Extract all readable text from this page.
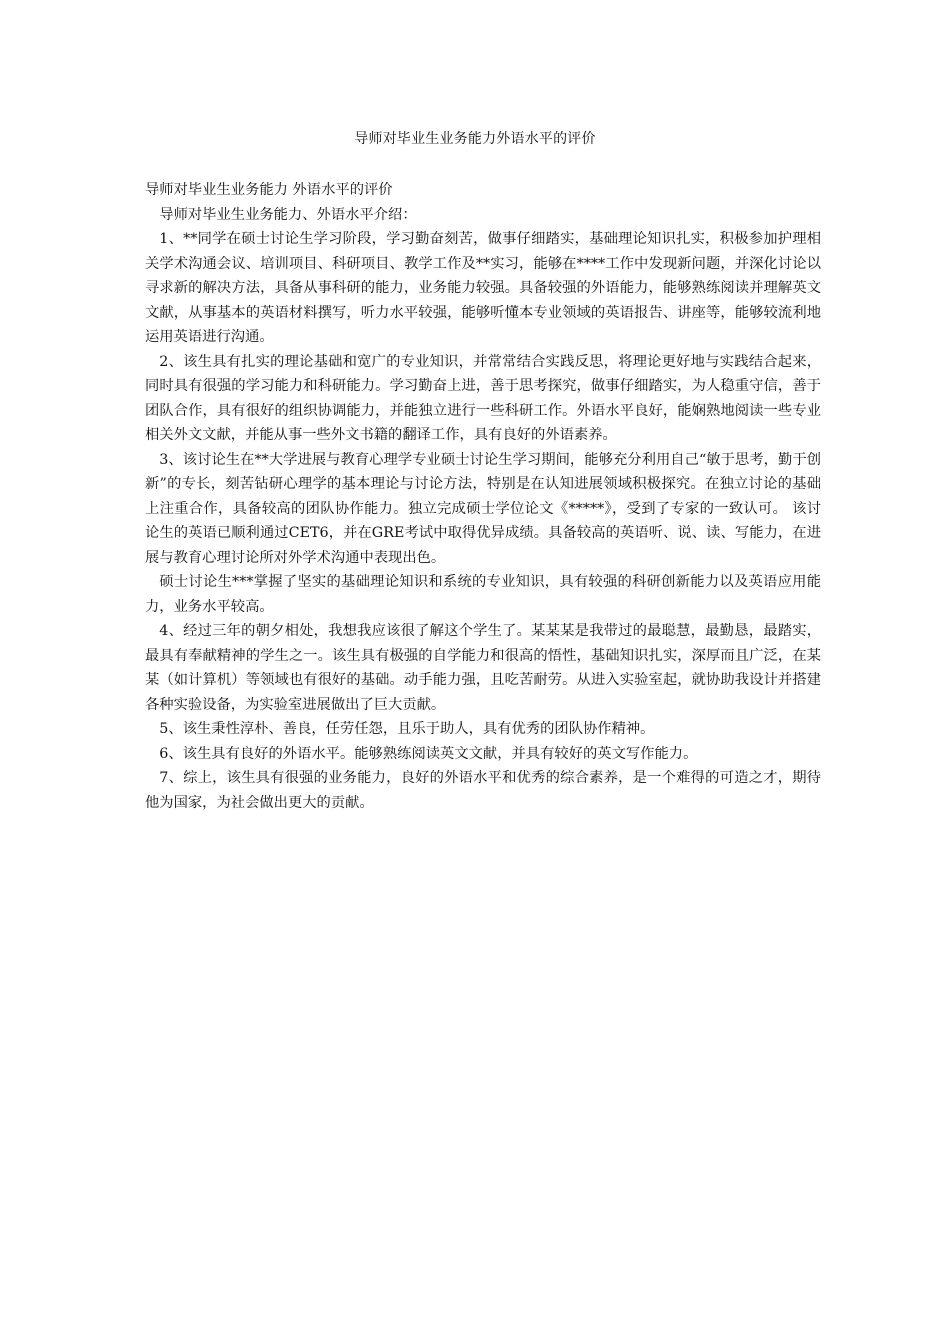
导师对毕业生业务能力外语水平的评价

导师对毕业生业务能力 外语水平的评价

导师对毕业生业务能力、外语水平介绍：

1、**同学在硕士讨论生学习阶段，学习勤奋刻苦，做事仔细踏实，基础理论知识扎实，积极参加护理相关学术沟通会议、培训项目、科研项目、教学工作及**实习，能够在****工作中发现新问题，并深化讨论以寻求新的解决方法，具备从事科研的能力，业务能力较强。具备较强的外语能力，能够熟练阅读并理解英文文献，从事基本的英语材料撰写，听力水平较强，能够听懂本专业领域的英语报告、讲座等，能够较流利地运用英语进行沟通。

2、该生具有扎实的理论基础和宽广的专业知识，并常常结合实践反思，将理论更好地与实践结合起来，同时具有很强的学习能力和科研能力。学习勤奋上进，善于思考探究，做事仔细踏实，为人稳重守信，善于团队合作，具有很好的组织协调能力，并能独立进行一些科研工作。外语水平良好，能娴熟地阅读一些专业相关外文文献，并能从事一些外文书籍的翻译工作，具有良好的外语素养。

3、该讨论生在**大学进展与教育心理学专业硕士讨论生学习期间，能够充分利用自己“敏于思考，勤于创新”的专长，刻苦钻研心理学的基本理论与讨论方法，特别是在认知进展领域积极探究。在独立讨论的基础上注重合作，具备较高的团队协作能力。独立完成硕士学位论文《*****》，受到了专家的一致认可。 该讨论生的英语已顺利通过CET6，并在GRE考试中取得优异成绩。具备较高的英语听、说、读、写能力，在进展与教育心理讨论所对外学术沟通中表现出色。

硕士讨论生***掌握了坚实的基础理论知识和系统的专业知识，具有较强的科研创新能力以及英语应用能力，业务水平较高。

4、经过三年的朝夕相处，我想我应该很了解这个学生了。某某某是我带过的最聪慧，最勤恳，最踏实，最具有奉献精神的学生之一。该生具有极强的自学能力和很高的悟性，基础知识扎实，深厚而且广泛，在某某（如计算机）等领域也有很好的基础。动手能力强，且吃苦耐劳。从进入实验室起，就协助我设计并搭建各种实验设备，为实验室进展做出了巨大贡献。

5、该生秉性淳朴、善良，任劳任怨，且乐于助人，具有优秀的团队协作精神。

6、该生具有良好的外语水平。能够熟练阅读英文文献，并具有较好的英文写作能力。

7、综上，该生具有很强的业务能力，良好的外语水平和优秀的综合素养，是一个难得的可造之才，期待他为国家，为社会做出更大的贡献。
